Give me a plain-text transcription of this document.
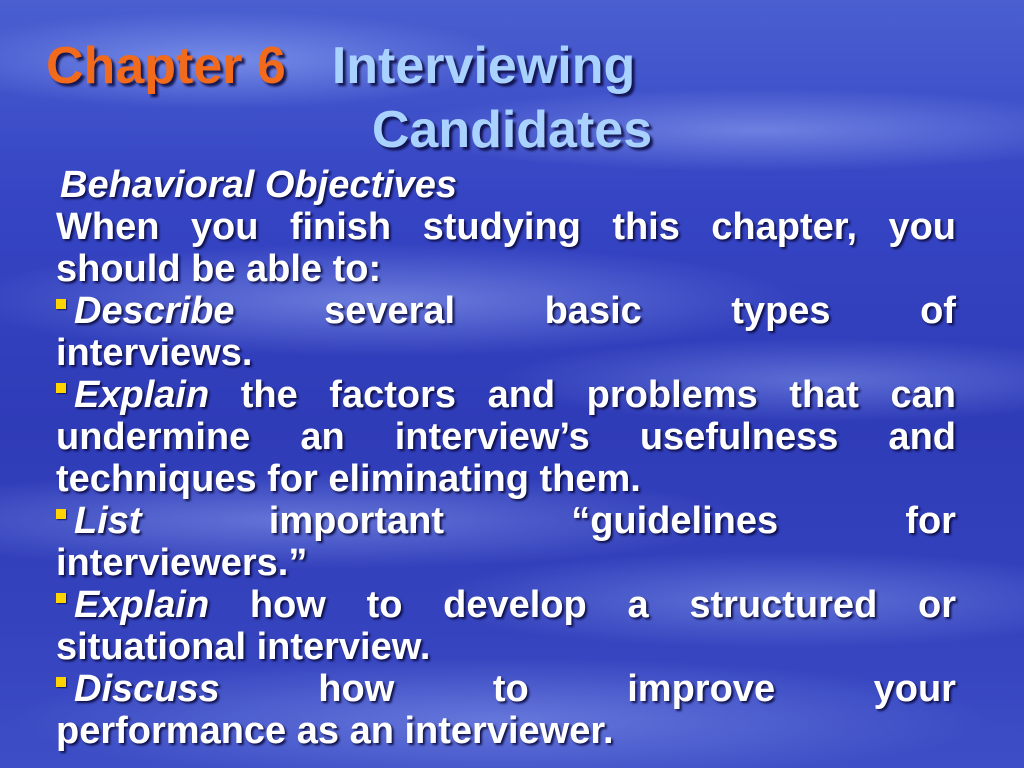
Chapter 6 Interviewing
Candidates
Behavioral Objectives
When you finish studying this chapter, you should be able to:
Describe several basic types of
interviews.
Explain the factors and problems that can undermine an interview’s usefulness and techniques for eliminating them.
List	important	“guidelines	for
interviewers.”
Explain how to develop a structured or situational interview.
Discuss	how	to	improve	your
performance as an interviewer.
